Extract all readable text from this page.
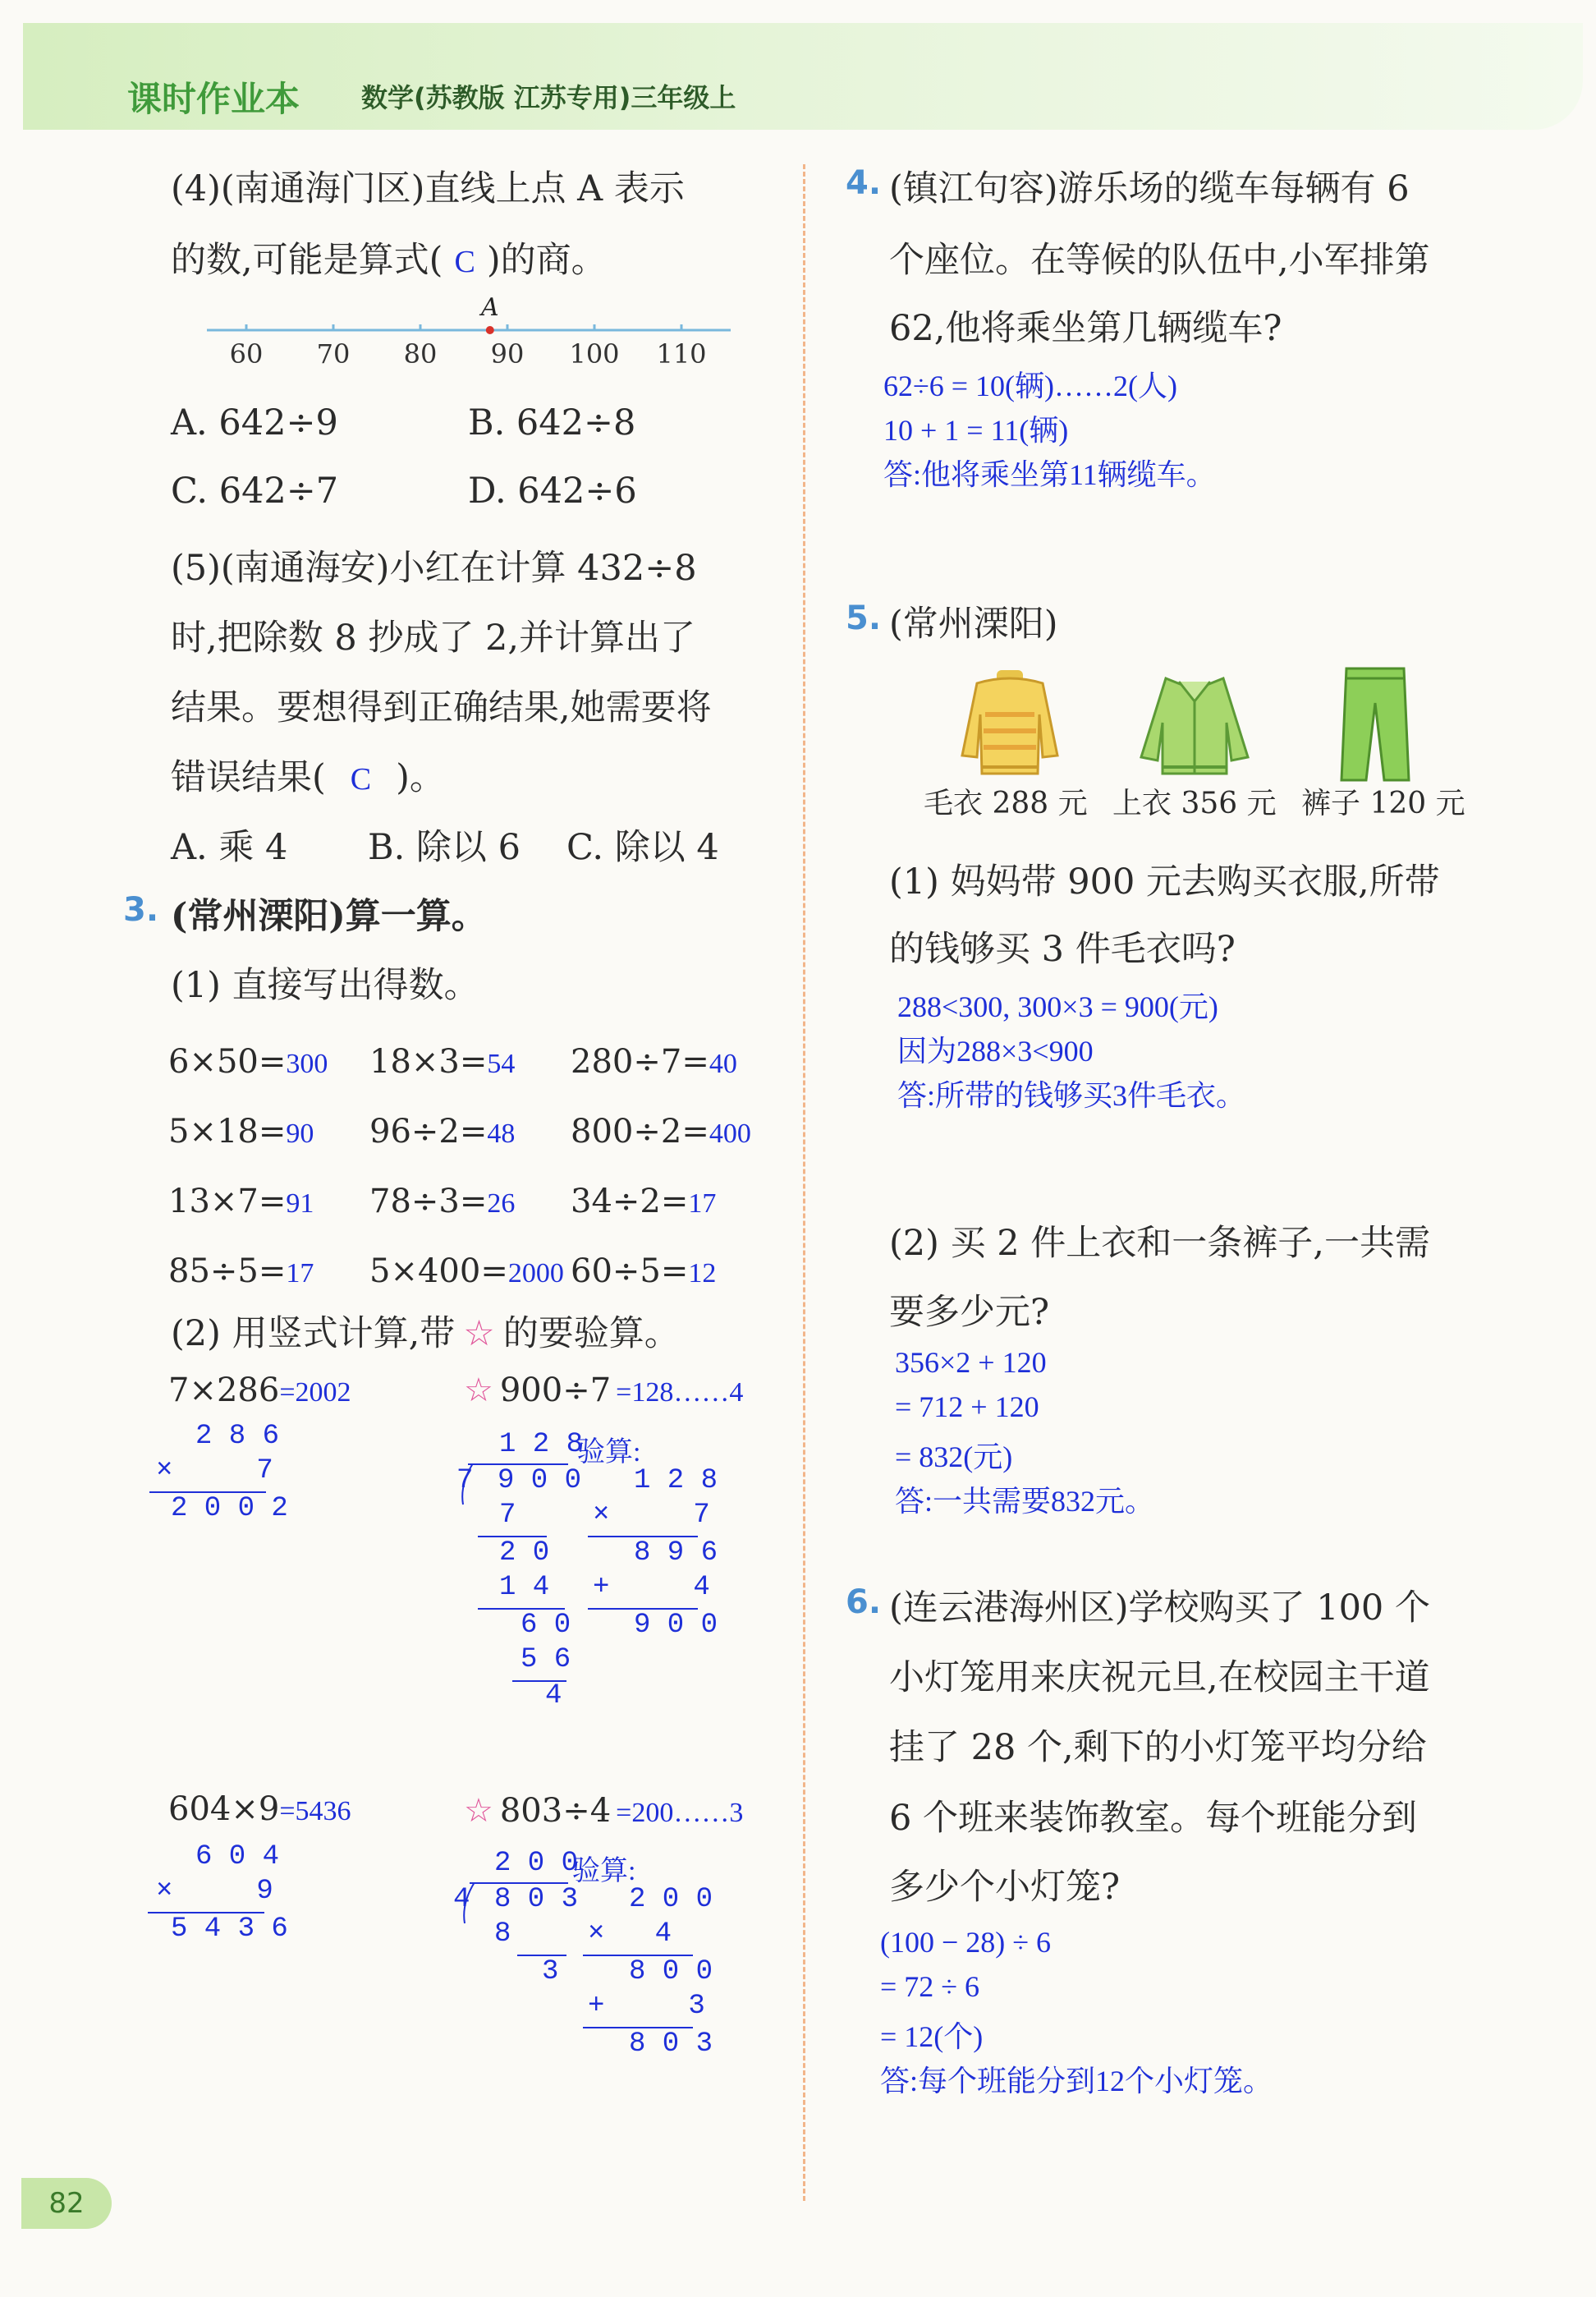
课时作业本 数学(苏教版 江苏专用)三年级上
(4)(南通海门区)直线上点 A 表示
的数,可能是算式( C )的商。
60 70 80 90 100 110
A
A. 642÷9	B. 642÷8
C. 642÷7	D. 642÷6
(5)(南通海安)小红在计算 432÷8
时,把除数 8 抄成了 2,并计算出了
结果。要想得到正确结果,她需要将
错误结果( C )。
A. 乘 4 B. 除以 6 C. 除以 4
3. (常州溧阳)算一算。
(1) 直接写出得数。
6×50=300	18×3=54	280÷7=40
5×18=90	96÷2=48	800÷2=400
13×7=91	78÷3=26	34÷2=17
85÷5=17	5×400=2000 60÷5=12
(2) 用竖式计算,带 ☆ 的要验算。
7×286=2002
2 8 6
×     7
2 0 0 2
☆ 900÷7 =128……4
1 2 8
验算:
7 9 0 0
7
2 0
1 4
6 0
5 6
4
1 2 8
×     7
8 9 6
+     4
9 0 0
604×9=5436
6 0 4
×     9
5 4 3 6
☆ 803÷4 =200……3
2 0 0
验算:
4 8 0 3
8
3
2 0 0
×   4
8 0 0
+     3
8 0 3
4. (镇江句容)游乐场的缆车每辆有 6
个座位。在等候的队伍中,小军排第
62,他将乘坐第几辆缆车?
62÷6 = 10(辆)……2(人)
10 + 1 = 11(辆)
答:他将乘坐第11辆缆车。
5. (常州溧阳)
毛衣 288 元 上衣 356 元 裤子 120 元
(1) 妈妈带 900 元去购买衣服,所带
的钱够买 3 件毛衣吗?
288<300, 300×3 = 900(元)
因为288×3<900
答:所带的钱够买3件毛衣。
(2) 买 2 件上衣和一条裤子,一共需
要多少元?
356×2 + 120
= 712 + 120
= 832(元)
答:一共需要832元。
6. (连云港海州区)学校购买了 100 个
小灯笼用来庆祝元旦,在校园主干道
挂了 28 个,剩下的小灯笼平均分给
6 个班来装饰教室。每个班能分到
多少个小灯笼?
(100 − 28) ÷ 6
= 72 ÷ 6
= 12(个)
答:每个班能分到12个小灯笼。
82
